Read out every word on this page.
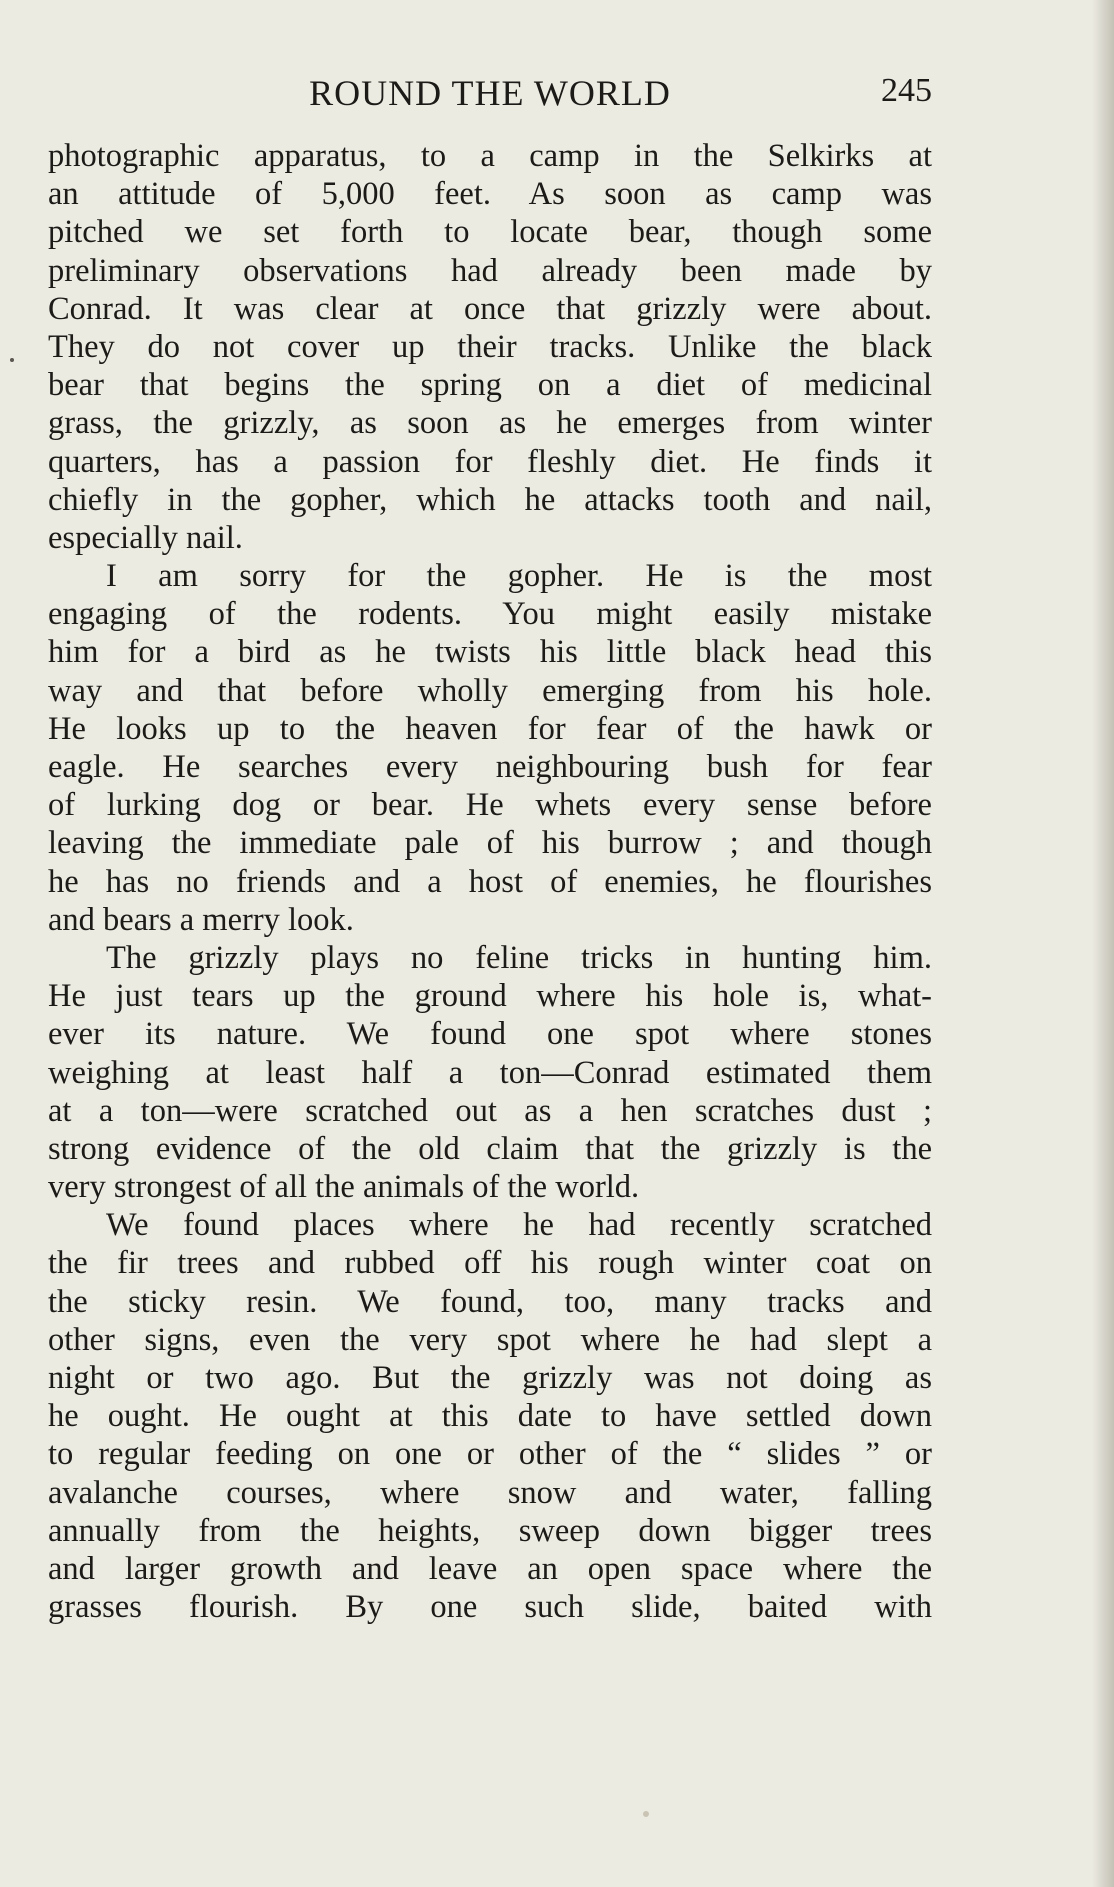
ROUND THE WORLD	245
photographic apparatus, to a camp in the Selkirks at
an attitude of 5,000 feet. As soon as camp was
pitched we set forth to locate bear, though some
preliminary observations had already been made by
Conrad. It was clear at once that grizzly were about.
They do not cover up their tracks. Unlike the black
bear that begins the spring on a diet of medicinal
grass, the grizzly, as soon as he emerges from winter
quarters, has a passion for fleshly diet. He finds it
chiefly in the gopher, which he attacks tooth and nail,
especially nail.
I am sorry for the gopher. He is the most
engaging of the rodents. You might easily mistake
him for a bird as he twists his little black head this
way and that before wholly emerging from his hole.
He looks up to the heaven for fear of the hawk or
eagle. He searches every neighbouring bush for fear
of lurking dog or bear. He whets every sense before
leaving the immediate pale of his burrow ; and though
he has no friends and a host of enemies, he flourishes
and bears a merry look.
The grizzly plays no feline tricks in hunting him.
He just tears up the ground where his hole is, what-
ever its nature. We found one spot where stones
weighing at least half a ton—Conrad estimated them
at a ton—were scratched out as a hen scratches dust ;
strong evidence of the old claim that the grizzly is the
very strongest of all the animals of the world.
We found places where he had recently scratched
the fir trees and rubbed off his rough winter coat on
the sticky resin. We found, too, many tracks and
other signs, even the very spot where he had slept a
night or two ago. But the grizzly was not doing as
he ought. He ought at this date to have settled down
to regular feeding on one or other of the “ slides ” or
avalanche courses, where snow and water, falling
annually from the heights, sweep down bigger trees
and larger growth and leave an open space where the
grasses flourish. By one such slide, baited with
